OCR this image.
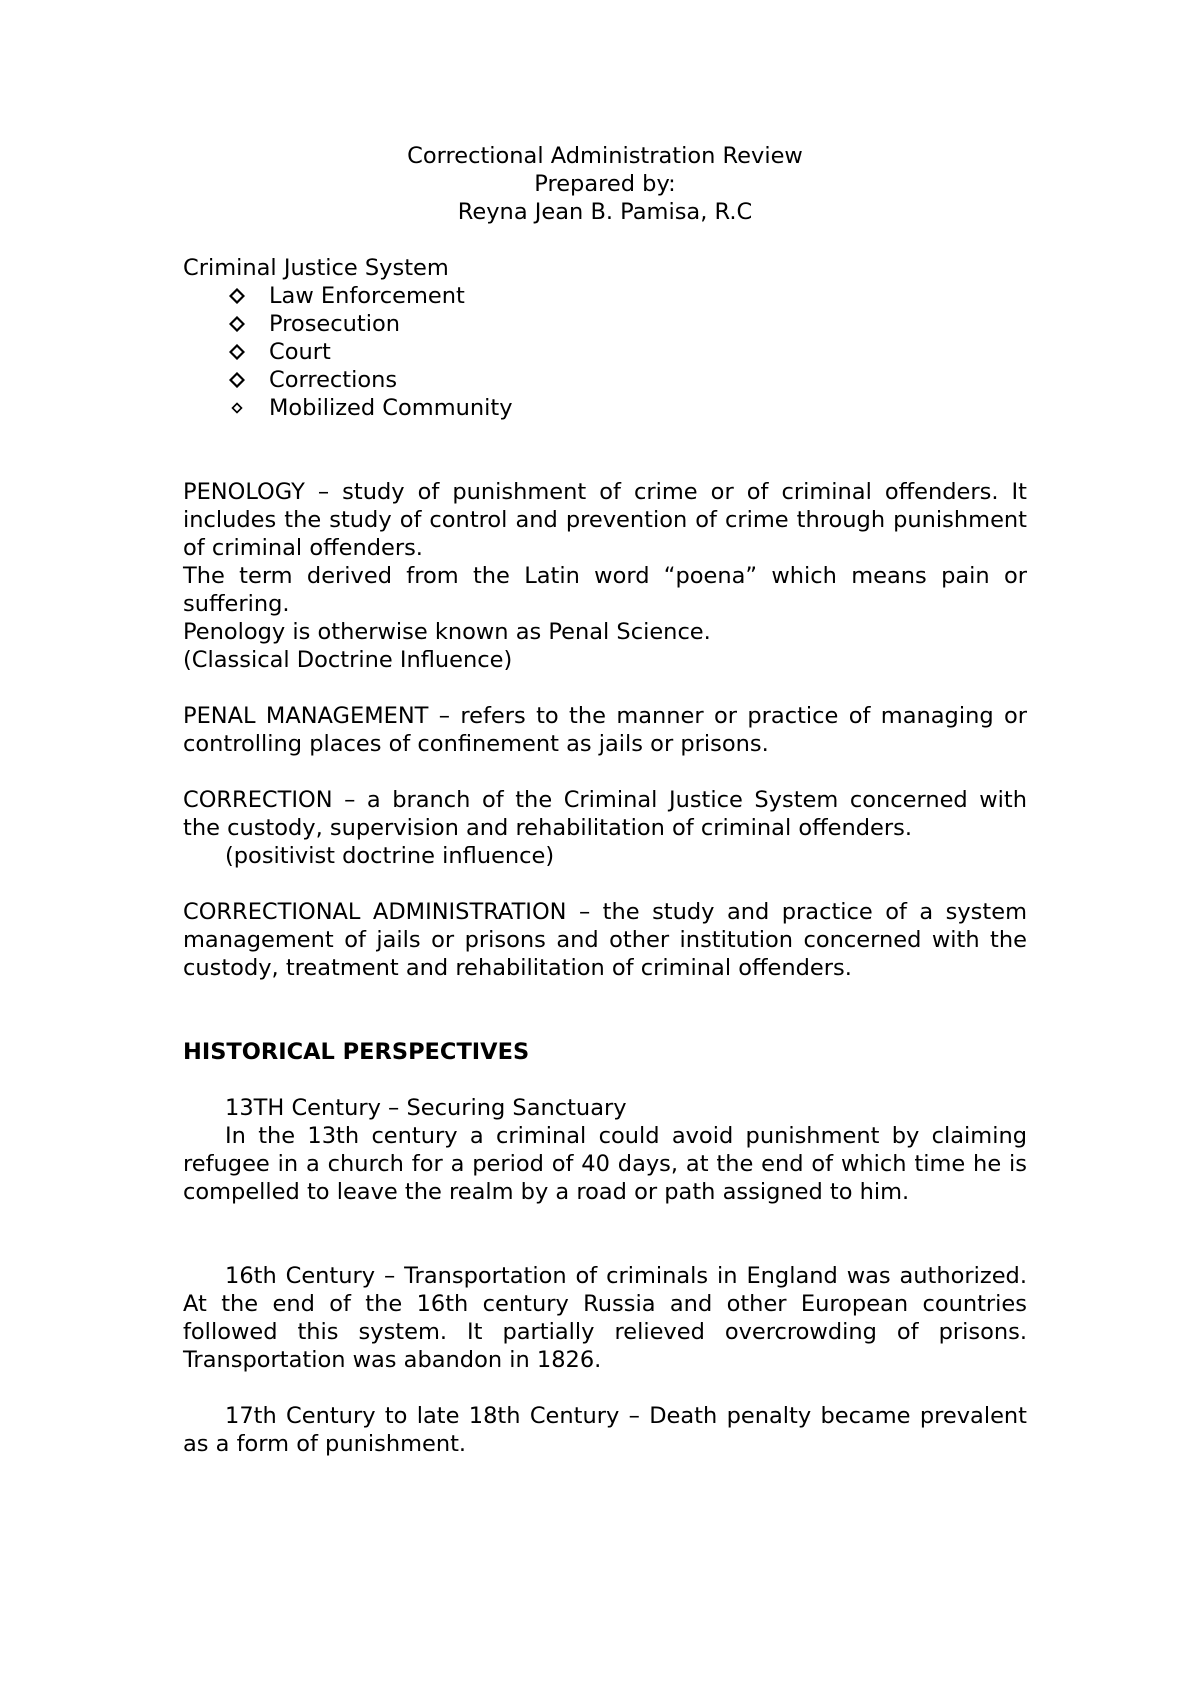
Correctional Administration Review

Prepared by:

Reyna Jean B. Pamisa, R.C

Criminal Justice System

Law Enforcement
Prosecution
Court
Corrections
Mobilized Community

PENOLOGY – study of punishment of crime or of criminal offenders. It includes the study of control and prevention of crime through punishment of criminal offenders.

The term derived from the Latin word “poena” which means pain or suffering.

Penology is otherwise known as Penal Science.

(Classical Doctrine Influence)

PENAL MANAGEMENT – refers to the manner or practice of managing or controlling places of confinement as jails or prisons.

CORRECTION – a branch of the Criminal Justice System concerned with the custody, supervision and rehabilitation of criminal offenders.

(positivist doctrine influence)

CORRECTIONAL ADMINISTRATION – the study and practice of a system management of jails or prisons and other institution concerned with the custody, treatment and rehabilitation of criminal offenders.

HISTORICAL PERSPECTIVES

13TH Century – Securing Sanctuary

In the 13th century a criminal could avoid punishment by claiming refugee in a church for a period of 40 days, at the end of which time he is compelled to leave the realm by a road or path assigned to him.

16th Century – Transportation of criminals in England was authorized. At the end of the 16th century Russia and other European countries followed this system. It partially relieved overcrowding of prisons. Transportation was abandon in 1826.

17th Century to late 18th Century – Death penalty became prevalent as a form of punishment.
